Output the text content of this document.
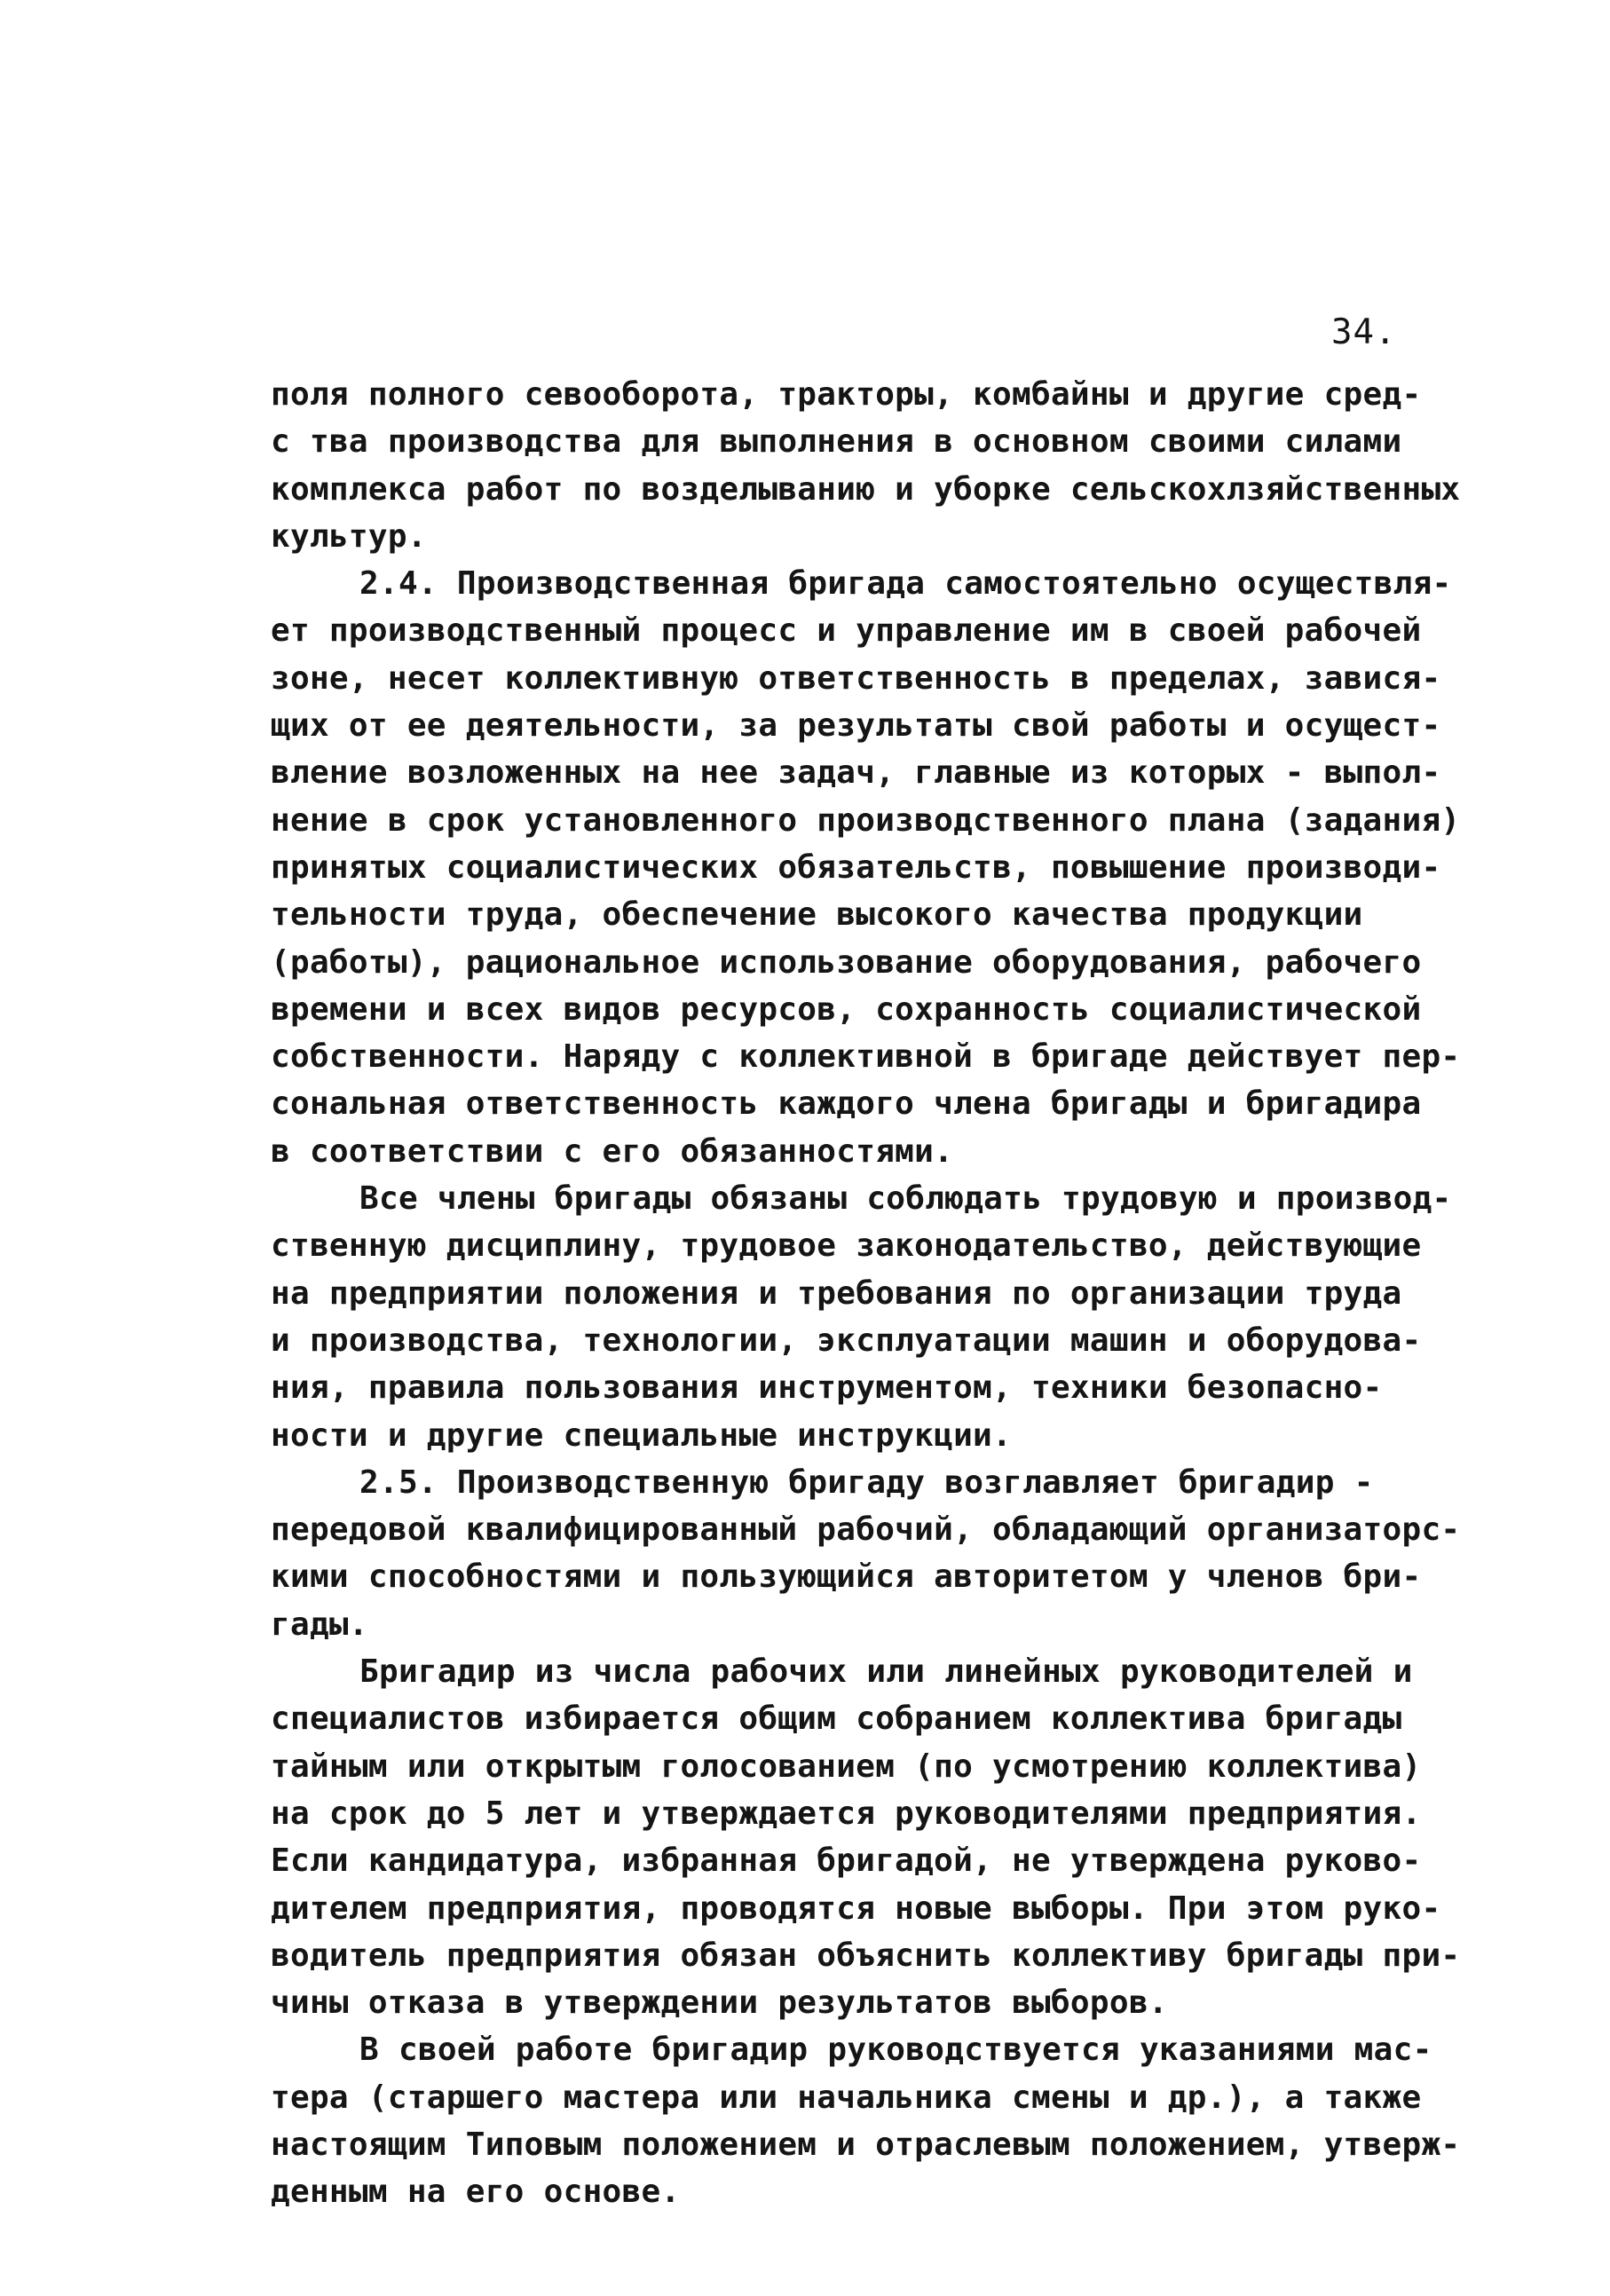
34.
поля полного севооборота, тракторы, комбайны и другие сред-
с тва производства для выполнения в основном своими силами
комплекса работ по возделыванию и уборке сельскохлзяйственных
культур.
2.4. Производственная бригада самостоятельно осуществля-
ет производственный процесс и управление им в своей рабочей
зоне, несет коллективную ответственность в пределах, завися-
щих от ее деятельности, за результаты свой работы и осущест-
вление возложенных на нее задач, главные из которых - выпол-
нение в срок установленного производственного плана (задания)
принятых социалистических обязательств, повышение производи-
тельности труда, обеспечение высокого качества продукции
(работы), рациональное использование оборудования, рабочего
времени и всех видов ресурсов, сохранность социалистической
собственности. Наряду с коллективной в бригаде действует пер-
сональная ответственность каждого члена бригады и бригадира
в соответствии с его обязанностями.
Все члены бригады обязаны соблюдать трудовую и производ-
ственную дисциплину, трудовое законодательство, действующие
на предприятии положения и требования по организации труда
и производства, технологии, эксплуатации машин и оборудова-
ния, правила пользования инструментом, техники безопасно-
ности и другие специальные инструкции.
2.5. Производственную бригаду возглавляет бригадир -
передовой квалифицированный рабочий, обладающий организаторс-
кими способностями и пользующийся авторитетом у членов бри-
гады.
Бригадир из числа рабочих или линейных руководителей и
специалистов избирается общим собранием коллектива бригады
тайным или открытым голосованием (по усмотрению коллектива)
на срок до 5 лет и утверждается руководителями предприятия.
Если кандидатура, избранная бригадой, не утверждена руково-
дителем предприятия, проводятся новые выборы. При этом руко-
водитель предприятия обязан объяснить коллективу бригады при-
чины отказа в утверждении результатов выборов.
В своей работе бригадир руководствуется указаниями мас-
тера (старшего мастера или начальника смены и др.), а также
настоящим Типовым положением и отраслевым положением, утверж-
денным на его основе.
